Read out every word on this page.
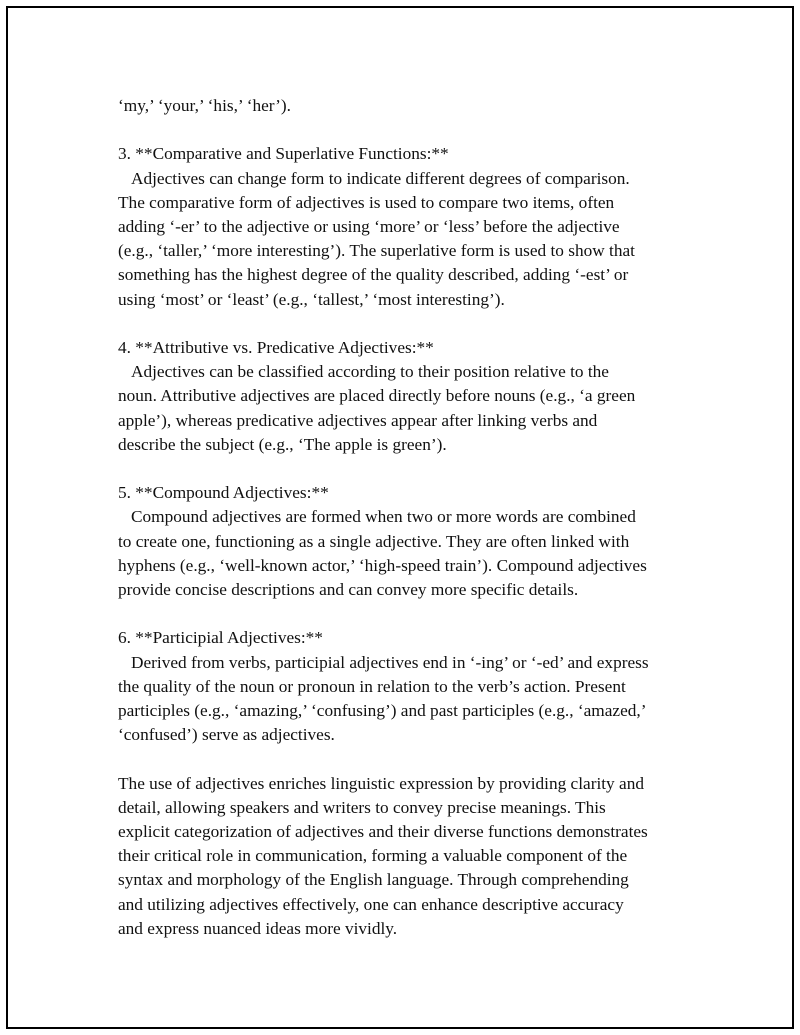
‘my,’ ‘your,’ ‘his,’ ‘her’).
3. **Comparative and Superlative Functions:**
Adjectives can change form to indicate different degrees of comparison.
The comparative form of adjectives is used to compare two items, often
adding ‘-er’ to the adjective or using ‘more’ or ‘less’ before the adjective
(e.g., ‘taller,’ ‘more interesting’). The superlative form is used to show that
something has the highest degree of the quality described, adding ‘-est’ or
using ‘most’ or ‘least’ (e.g., ‘tallest,’ ‘most interesting’).
4. **Attributive vs. Predicative Adjectives:**
Adjectives can be classified according to their position relative to the
noun. Attributive adjectives are placed directly before nouns (e.g., ‘a green
apple’), whereas predicative adjectives appear after linking verbs and
describe the subject (e.g., ‘The apple is green’).
5. **Compound Adjectives:**
Compound adjectives are formed when two or more words are combined
to create one, functioning as a single adjective. They are often linked with
hyphens (e.g., ‘well-known actor,’ ‘high-speed train’). Compound adjectives
provide concise descriptions and can convey more specific details.
6. **Participial Adjectives:**
Derived from verbs, participial adjectives end in ‘-ing’ or ‘-ed’ and express
the quality of the noun or pronoun in relation to the verb’s action. Present
participles (e.g., ‘amazing,’ ‘confusing’) and past participles (e.g., ‘amazed,’
‘confused’) serve as adjectives.
The use of adjectives enriches linguistic expression by providing clarity and
detail, allowing speakers and writers to convey precise meanings. This
explicit categorization of adjectives and their diverse functions demonstrates
their critical role in communication, forming a valuable component of the
syntax and morphology of the English language. Through comprehending
and utilizing adjectives effectively, one can enhance descriptive accuracy
and express nuanced ideas more vividly.
